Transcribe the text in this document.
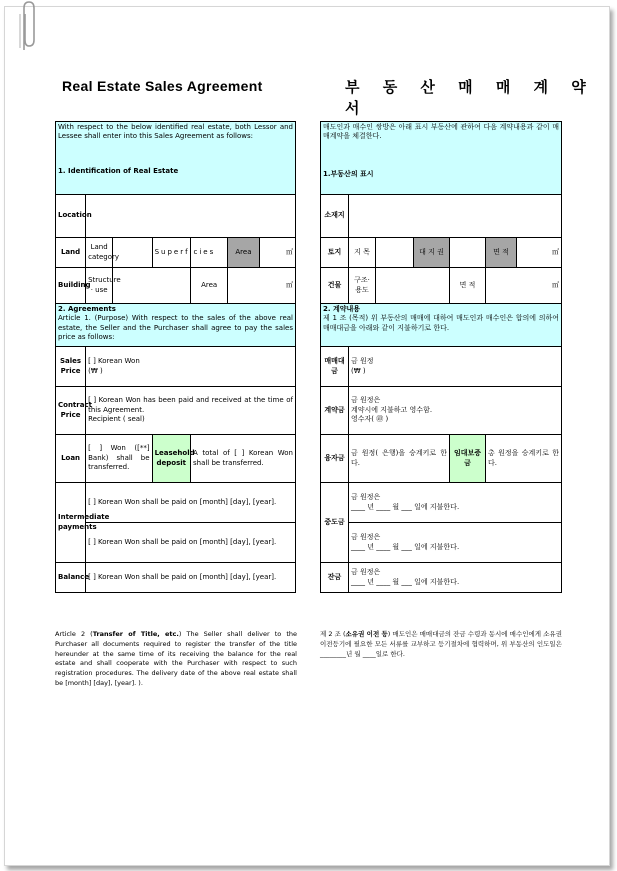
Real Estate Sales Agreement	부 동 산 매 매 계 약 서
With respect to the below identified real estate, both Lessor and Lessee shall enter into this Sales Agreement as follows:
1. Identification of Real Estate						

Location						
Land	Land category		Superficies		Area	㎡
Building	Structure · use			Area	㎡	

2. Agreements
Article 1. (Purpose) With respect to the sales of the above real estate, the Seller and the Purchaser shall agree to pay the sales price as follows:						

Sales Price	[ ] Korean Won
(₩ )					

Contract Price	[ ] Korean Won has been paid and received at the time of this Agreement.
Recipient ( seal)					

Loan	[ ] Won ([**] Bank) shall be transferred.		Leasehold deposit	A total of [ ] Korean Won shall be transferred.		
Intermediate payments	[ ] Korean Won shall be paid on [month] [day], [year].					
	[ ] Korean Won shall be paid on [month] [day], [year].					
Balance	[ ] Korean Won shall be paid on [month] [day], [year].					
매도인과 매수인 쌍방은 아래 표시 부동산에 관하여 다음 계약내용과 같이 매매계약을 체결한다.
1.부동산의 표시						

소재지						
토지	지 목		대 지 권		면 적	㎡
건물	구조·용도			면 적	㎡	

2. 계약내용
제 1 조 (목적) 위 부동산의 매매에 대하여 매도인과 매수인은 합의에 의하여 매매대금을 아래와 같이 지불하기로 한다.						

매매대금	금 원정
(₩ )					

계약금	금 원정은
계약시에 지불하고 영수함.
영수자( ㊞ )					

융자금	금 원정( 은행)을 승계키로 한다.			임대보증금	총 원정을 승계키로 한다.	
중도금	금 원정은
____ 년 ____ 월 ___ 일에 지불한다.					

	금 원정은
____ 년 ____ 월 ___ 일에 지불한다.					

잔금	금 원정은
____ 년 ____ 월 ___ 일에 지불한다.					
Article 2 (Transfer of Title, etc.) The Seller shall deliver to the Purchaser all documents required to register the transfer of the title hereunder at the same time of its receiving the balance for the real estate and shall cooperate with the Purchaser with respect to such registration procedures. The delivery date of the above real estate shall be [month] [day], [year]. ).
제 2 조 (소유권 이전 등) 매도인은 매매대금의 잔금 수령과 동시에 매수인에게 소유권이전등기에 필요한 모든 서류를 교부하고 등기절차에 협력하며, 위 부동산의 인도일은 ________년 월 ____일로 한다.
